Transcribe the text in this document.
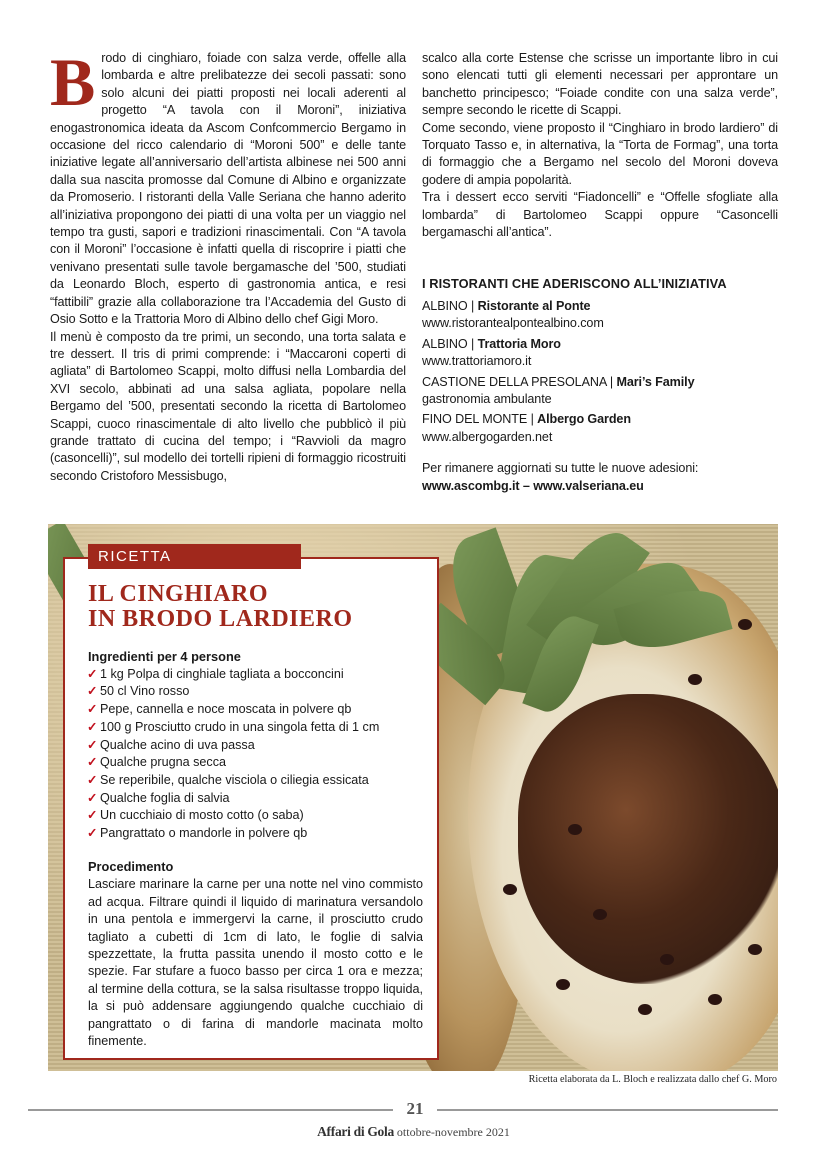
B rodo di cinghiaro, foiade con salza verde, offelle alla lombarda e altre prelibatezze dei secoli passati: sono solo alcuni dei piatti proposti nei locali aderenti al progetto “A tavola con il Moroni”, iniziativa enogastronomica ideata da Ascom Confcommercio Bergamo in occasione del ricco calendario di “Moroni 500” e delle tante iniziative legate all’anniversario dell’artista albinese nei 500 anni dalla sua nascita promosse dal Comune di Albino e organizzate da Promoserio. I ristoranti della Valle Seriana che hanno aderito all’iniziativa propongono dei piatti di una volta per un viaggio nel tempo tra gusti, sapori e tradizioni rinascimentali. Con “A tavola con il Moroni” l’occasione è infatti quella di riscoprire i piatti che venivano presentati sulle tavole bergamasche del ’500, studiati da Leonardo Bloch, esperto di gastronomia antica, e resi “fattibili” grazie alla collaborazione tra l’Accademia del Gusto di Osio Sotto e la Trattoria Moro di Albino dello chef Gigi Moro.

Il menù è composto da tre primi, un secondo, una torta salata e tre dessert. Il tris di primi comprende: i “Maccaroni coperti di agliata” di Bartolomeo Scappi, molto diffusi nella Lombardia del XVI secolo, abbinati ad una salsa agliata, popolare nella Bergamo del ’500, presentati secondo la ricetta di Bartolomeo Scappi, cuoco rinascimentale di alto livello che pubblicò il più grande trattato di cucina del tempo; i “Ravvioli da magro (casoncelli)”, sul modello dei tortelli ripieni di formaggio ricostruiti secondo Cristoforo Messisbugo,

scalco alla corte Estense che scrisse un importante libro in cui sono elencati tutti gli elementi necessari per approntare un banchetto principesco; “Foiade condite con una salza verde”, sempre secondo le ricette di Scappi.

Come secondo, viene proposto il “Cinghiaro in brodo lardiero” di Torquato Tasso e, in alternativa, la “Torta de Formag”, una torta di formaggio che a Bergamo nel secolo del Moroni doveva godere di ampia popolarità.

Tra i dessert ecco serviti “Fiadoncelli” e “Offelle sfogliate alla lombarda” di Bartolomeo Scappi oppure “Casoncelli bergamaschi all’antica”.

I RISTORANTI CHE ADERISCONO ALL’INIZIATIVA
ALBINO | Ristorante al Ponte
www.ristorantealpontealbino.com
ALBINO | Trattoria Moro
www.trattoriamoro.it
CASTIONE DELLA PRESOLANA | Mari’s Family
gastronomia ambulante
FINO DEL MONTE | Albergo Garden
www.albergogarden.net
Per rimanere aggiornati su tutte le nuove adesioni:
www.ascombg.it – www.valseriana.eu
RICETTA
IL CINGHIARO
IN BRODO LARDIERO
Ingredienti per 4 persone
✓ 1 kg Polpa di cinghiale tagliata a bocconcini
✓ 50 cl Vino rosso
✓ Pepe, cannella e noce moscata in polvere qb
✓ 100 g Prosciutto crudo in una singola fetta di 1 cm
✓ Qualche acino di uva passa
✓ Qualche prugna secca
✓ Se reperibile, qualche visciola o ciliegia essicata
✓ Qualche foglia di salvia
✓ Un cucchiaio di mosto cotto (o saba)
✓ Pangrattato o mandorle in polvere qb
Procedimento

Lasciare marinare la carne per una notte nel vino commisto ad acqua. Filtrare quindi il liquido di marinatura versandolo in una pentola e immergervi la carne, il prosciutto crudo tagliato a cubetti di 1cm di lato, le foglie di salvia spezzettate, la frutta passita unendo il mosto cotto e le spezie. Far stufare a fuoco basso per circa 1 ora e mezza; al termine della cottura, se la salsa risultasse troppo liquida, la si può addensare aggiungendo qualche cucchiaio di pangrattato o di farina di mandorle macinata molto finemente.

Ricetta elaborata da L. Bloch e realizzata dallo chef G. Moro
21
Affari di Gola ottobre-novembre 2021
